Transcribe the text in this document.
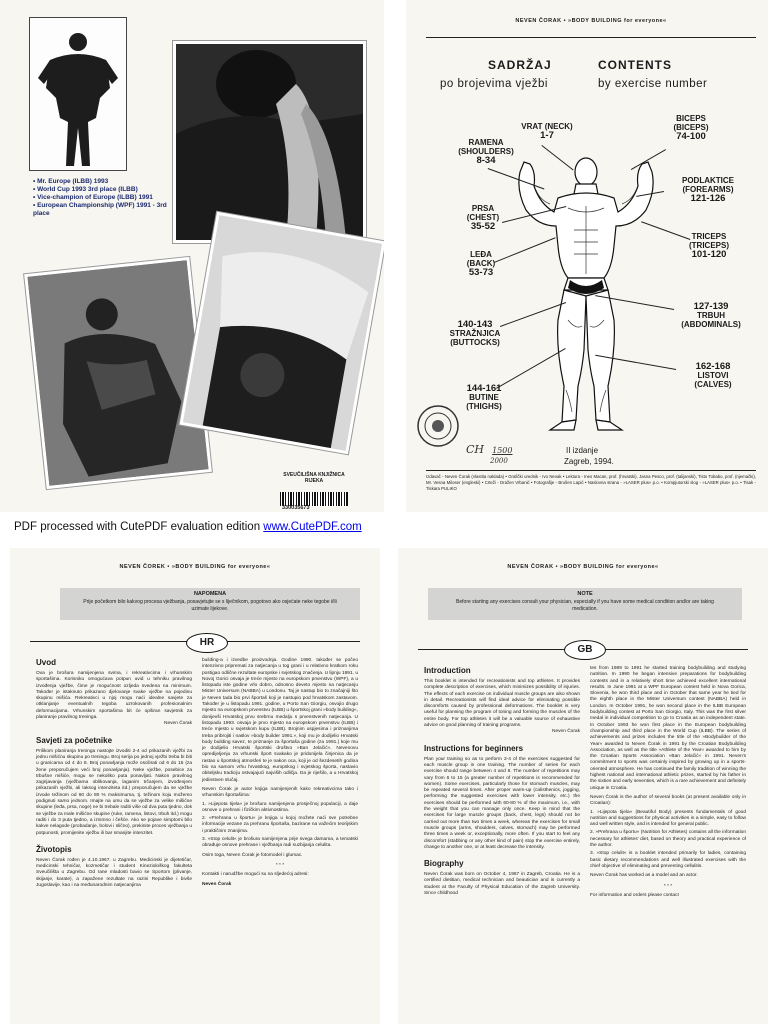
• Mr. Europe (ILBB) 1993
• World Cup 1993 3rd place (ILBB)
• Vice-champion of Europe (ILBB) 1991
• European Championship (WPF) 1991 - 3rd place
SVEUČILIŠNA KNJIŽNICA
RIJEKA
330035673
PDF processed with CutePDF evaluation edition www.CutePDF.com
NEVEN ČORAK • »BODY BUILDING for everyone«
SADRŽAJ
po brojevima vježbi
CONTENTS
by exercise number
VRAT (NECK)
1-7
RAMENA
(SHOULDERS)
8-34
BICEPS
(BICEPS)
74-100
PODLAKTICE
(FOREARMS)
121-126
PRSA
(CHEST)
35-52
TRICEPS
(TRICEPS)
101-120
LEĐA
(BACK)
53-73
127-139
TRBUH
(ABDOMINALS)
140-143
STRAŽNJICA
(BUTTOCKS)
162-168
LISTOVI
(CALVES)
144-161
BUTINE
(THIGHS)
CH 1500
2000
II izdanje
Zagreb, 1994.
Izdavač - Neven Čorak (vlastita naklada) • Grafički urednik - Ivo Nevak • Lektura - Ines Macan, prof. (hrvatski), Jasna Pesco, prof. (talijanski), Tisto Tobabo, prof. (njemački), Mr. Vesna Miloser (engleski) • Crteži - Dražen Vrbanić • Fotografije - Brušen Lapić • Naslovna strana - »LASER plus« p.o. • Kompjutorski slog - »LASER plus« p.o. • Tisak - Tiskara PULIKO
NEVEN ČOREK • »BODY BUILDING for everyone«
NAPOMENA
Prije početkom bilo kakvog procesa vježbanja, posavjetujte se s liječnikom, pogotovo ako osjećate neke tegobe i/ili uzimate lijekove.
HR
Uvod
Ova je brošura namijenjena svima, i rekreativcima i vrhunskim sportašima. Korisniku omogućava potpun uvid u tehniku pravilnog izvođenja vježbe, čime je mogućnost ozljeda svedena na minimum. Također je istaknuto prikazano djelovanje svake vježbe na pojedinu skupinu mišića. Rekreativci u njoj mogu naći idealne savjete za otklanjanje eventualnih tegoba uzrokovanih profesionalnim deformacijama. Vrhunskim sportašima bit će opširan savjetnik za planiranje pravilnog treninga.
Neven Čorak
Savjeti za početnike
Prilikom planiranja treninga nastojte izvoditi 2-4 od prikazanih vježbi za jednu mišićnu skupinu po treningu. Broj serija po jednoj vježbi treba bi biti u granicama od 4 do 8. Broj ponavljanja može oscilirati od 6 do 15 (za žene preporučujem veći broj ponavljanja). Neke vježbe, posebice za trbušne mišiće, mogu se nekoliko puta ponavljati. Nakon pravilnog zagrijavanja (vježbama oblikovanja, laganim trčanjem, izvođenjem prikazanih vježbi, ali laksog intenziteta itd.) preporučujem da se vježbe izvode težinom od 60 do 80 % maksimuma, tj. težinom koju možemo podignuti samo jednom. Imajte na umu da se vježbe za velike mišićne skupine (leđa, prsa, noge) ne bi trebale raditi više od dva puta tjedno, dok se vježbe za male mišićne skupine (ruke, ramena, listovi, trbuh itd.) mogu raditi i do 3 puta tjedno, a iznimno i češće. Ako se pojave simptomi bilo kakve nelagode (probadanje, bolovi i slično), prekinite proces vježbanja u potpunosti, promijenite vježbu ili bar smanjite intenzitet.
Životopis
Neven Čorak rođen je 4.10.1967. u Zagrebu. Medicinski je dijetetičar, medicinski tehničar, kozmetičar i student Kineziološkog fakulteta Sveučilišta u Zagrebu. Od rane mladosti bavio se Sportom (plivanje, skijanje, karate), a zapažene rezultate na razini Republike i bivše Jugoslavije, kao i na međunarodnim natjecanjima
building-a i izvedbe proizvodnja. Godine 1990. također se počeo intenzivno pripremati za natjecanja u tog grani i u relativno kratkom roku postigao odlične rezultate europske i svjetskog značenja. U lipnju 1991. u Novoj Gorici osvaja je treće mjesto na europskom prvenstvu (WPF), a u listopadu iste godine vrlo dobro, odnosno deveto mjesto na natjecanju Mister Universum (NABBA) u Londonu. Taj je nastup bio to značajniji što je Neven tada bio prvi športaš koji je nastupio pod hrvatskom zastavom. Također je u listopadu 1991. godine, u Porto San Giorgiu, osvojio drugo mjesto na europskom prvenstvu (ILBB) u športskoj grani »body building«, donijevši Hrvatskoj prvu srebrnu medalju s prvenstvenih natjecanja. U listopadu 1993. osvaja je prvo mjesto na europskom prvenstvu (ILBB) i treće mjesto u svjetskom kupu (ILBB). Brojnim uspjesima i priznanjima treba pribrojiti i naslov »body builder 1991.«, koji mu je dodijelio Hrvatski body building savez, te priznanje za športaša godine (za 1991.) koje mu je dodijelio Hrvatski športski društvo »Ban Jelačić«. Nevenovu opredijeljenju za vrhunski šport svakako je pridonijela činjenica da je rastao u športskoj atmosferi te je nakon oca, koji je od šezdesetih godina bio na samom vrhu hrvatskog, europskog i svjetskog športa, nastavio obiteljsku tradiciju ostvajajući najviših odličja. Da je riješilo, a u Hrvatskoj jedinstven slučaj.
Neven Čorak je autor knjiga namijenjenih kako rekreativcima tako i vrhunskim športašima:
1. »Lijepota tijela« je brošura namijenjena prosječnoj populaciji, a daje osnove o prehrani i fizičkim aktivnostima.
2. »Prehrana u športu« je knjiga u kojoj možete naći sve potrebne informacije vezane za prehranu športaša, bazirane na važećim teorijskim i praktičnim znanjima.
3. »Stop celulit« je brošura namijenjena prije svega damama, a tematski obrađuje osnove prehrane i vježbanja radi suzbijanja celulita.
Osim toga, Neven Čorak je fotomodel i glumac.
* * *
Kontakti i narudžbe mogući su na sljedećoj adresi:
Neven Čorak
NEVEN ČORAK • »BODY BUILDING for everyone«
NOTE
Before starting any exercises consult your physician, especially if you have some medical condition and/or are taking medication.
GB
Introduction
This booklet is intended for recreationists and top athletes. It provides complete description of exercises, which minimizes possibility of injuries. The effects of each exercise on individual muscle groups are also shown in detail. Recreationists will find ideal advice for eliminating possible discomforts caused by professional deformations. The booklet is very useful for planning the program of toning and forming the muscles of the entire body. For top athletes it will be a valuable source of exhaustive advice on good planning of training programs.
Neven Čorak
Instructions for beginners
Plan your training so as to perform 2-4 of the exercises suggested for each muscle group in one training. The number of series for each exercise should range between 4 and 8. The number of repetitions may vary from 6 to 15 (a greater number of repetitions is recommended for women). Some exercises, particularly those for stomach muscles, may be repeated several times. After proper warm-up (calisthenics, jogging, performing the suggested exercises with lower intensity, etc.) the exercises should be performed with 60-80 % of the maximum, i.e., with the weight that you can manage only once. Keep in mind that the exercises for large muscle groups (back, chest, legs) should not be carried out more than two times a week, whereas the exercises for small muscle groups (arms, shoulders, calves, stomach) may be performed three times a week or, exceptionally, more often. If you start to feel any discomfort (stabbing or any other kind of pain) stop the exercise entirely, change to another one, or at least decrease the intensity.
Biography
Neven Čorak was born on October 4, 1967 in Zagreb, Croatia. He is a certified dietitian, medical technician and beautician and is currently a student at the Faculty of Physical Education of the Zagreb University. Since childhood
tes from 1989 to 1991 he started training bodybuilding and studying nutrition. In 1990 he began intensive preparations for bodybuilding contests and in a relatively short time achieved excellent international results. In June 1991 at a WPF European contest held in Nova Gorica, Slovenia, he won third place and in October that same year he tied for the eighth place in the Mister Universum contest (NABBA) held in London. In October 1991, he won second place in the ILBB European bodybuilding contest at Porto San Giorgio, Italy. This was the first silver medal in individual competition to go to Croatia as an independent state. In October 1993 he won first place in the European bodybuilding championship and third place in the World Cup (ILBB). The series of achievements and prizes includes the title of the »Bodybuilder of the Year« awarded to Neven Čorak in 1991 by the Croatian Bodybuilding Association, as well as the title »Athlete of the Year« awarded to him by the Croatian Sports Association »Ban Jelačić« in 1991. Neven's commitment to sports was certainly inspired by growing up in a sports-oriented atmosphere. He has continued the family tradition of winning the highest national and international athletic prizes, started by his father in the sixties and early seventies, which is a rare achievement and definitely unique in Croatia.
Neven Čorak is the author of several books (at present available only in Croatian):
1. »Lijepota tijela« (Beautiful Body) presents fundamentals of good nutrition and suggestions for physical activities in a simple, easy to follow and well written style, and is intended for general public.
2. »Prehrana u športu« (Nutrition for Athletes) contains all the information necessary for athletes' diet, based on theory and practical experience of the author.
3. »Stop celulit« is a booklet intended primarily for ladies, containing basic dietary recommendations and well illustrated exercises with the chief objective of eliminating and preventing cellulitis.
Neven Čorak has worked as a model and an actor.
* * *
For information and orders please contact
